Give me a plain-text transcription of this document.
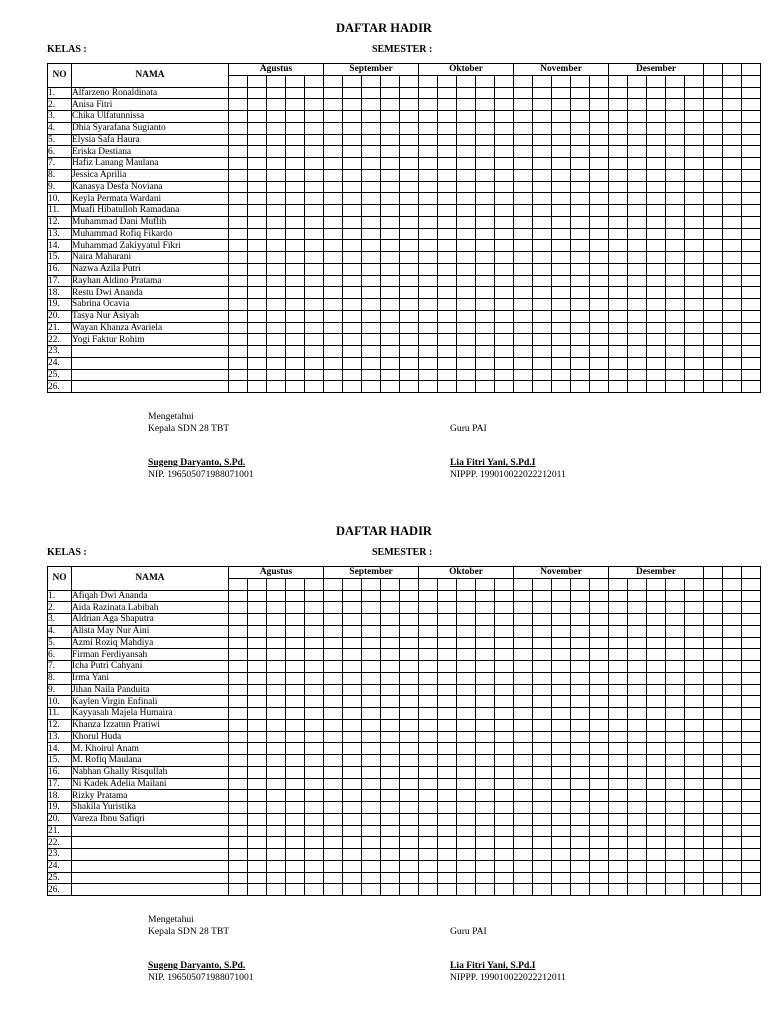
DAFTAR HADIR
KELAS :	SEMESTER :
NO	NAMA	Agustus					September					Oktober					November					Desember							

1.	Alfarzeno Ronaldinata																												
2.	Anisa Fitri																												
3.	Chika Ulfatunnissa																												
4.	Dhia Syarafana Sugianto																												
5.	Elysia Safa Haura																												
6.	Eriska Destiana																												
7.	Hafiz Lanang Maulana																												
8.	Jessica Aprilia																												
9.	Kanasya Desfa Noviana																												
10.	Keyla Permata Wardani																												
11.	Muafi Hibatulloh Ramadana																												
12.	Muhammad Dani Muflih																												
13.	Muhammad Rofiq Fikardo																												
14.	Muhammad Zakiyyatul Fikri																												
15.	Naira Maharani																												
16.	Nazwa Azila Putri																												
17.	Rayhan Aldino Pratama																												
18.	Restu Dwi Ananda																												
19.	Sabrina Ocavia																												
20.	Tasya Nur Asiyah																												
21.	Wayan Khanza Avariela																												
22.	Yogi Faktur Rohim																												
23.																													
24.																													
25.																													
26.																													
Mengetahui
Kepala SDN 28 TBT
Sugeng Daryanto, S.Pd.
NIP. 196505071988071001

Guru PAI
Lia Fitri Yani, S.Pd.I
NIPPP. 199010022022212011
DAFTAR HADIR
KELAS :	SEMESTER :
NO	NAMA	Agustus					September					Oktober					November					Desember							

1.	Afiqah Dwi Ananda																												
2.	Aida Razinata Labibah																												
3.	Aldrian Aga Shaputra																												
4.	Alista May Nur Aini																												
5.	Azmi Roziq Mahdiya																												
6.	Firman Ferdiyansah																												
7.	Icha Putri Cahyani																												
8.	Irma Yani																												
9.	Jihan Naila Panduita																												
10.	Kaylen Virgin Enfinali																												
11.	Kayyasah Majela Humaira																												
12.	Khanza Izzatun Pratiwi																												
13.	Khorul Huda																												
14.	M. Khoirul Anam																												
15.	M. Rofiq Maulana																												
16.	Nabhan Ghally Risqullah																												
17.	Ni Kadek Adelia Mailani																												
18.	Rizky Pratama																												
19.	Shakila Yuristika																												
20.	Vareza Ibnu Safiqri																												
21.																													
22.																													
23.																													
24.																													
25.																													
26.																													
Mengetahui
Kepala SDN 28 TBT
Sugeng Daryanto, S.Pd.
NIP. 196505071988071001

Guru PAI
Lia Fitri Yani, S.Pd.I
NIPPP. 199010022022212011
